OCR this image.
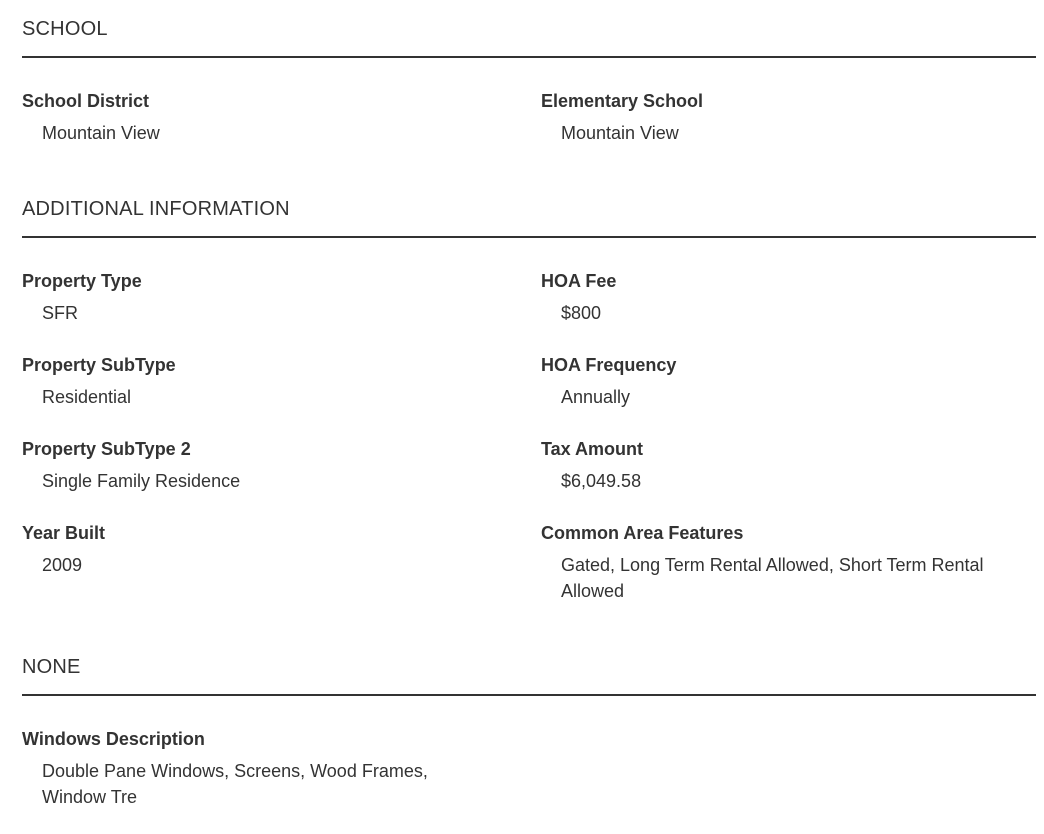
SCHOOL
School District
Mountain View
Elementary School
Mountain View
ADDITIONAL INFORMATION
Property Type
SFR
HOA Fee
$800
Property SubType
Residential
HOA Frequency
Annually
Property SubType 2
Single Family Residence
Tax Amount
$6,049.58
Year Built
2009
Common Area Features
Gated, Long Term Rental Allowed, Short Term Rental Allowed
NONE
Windows Description
Double Pane Windows, Screens, Wood Frames, Window Tre
